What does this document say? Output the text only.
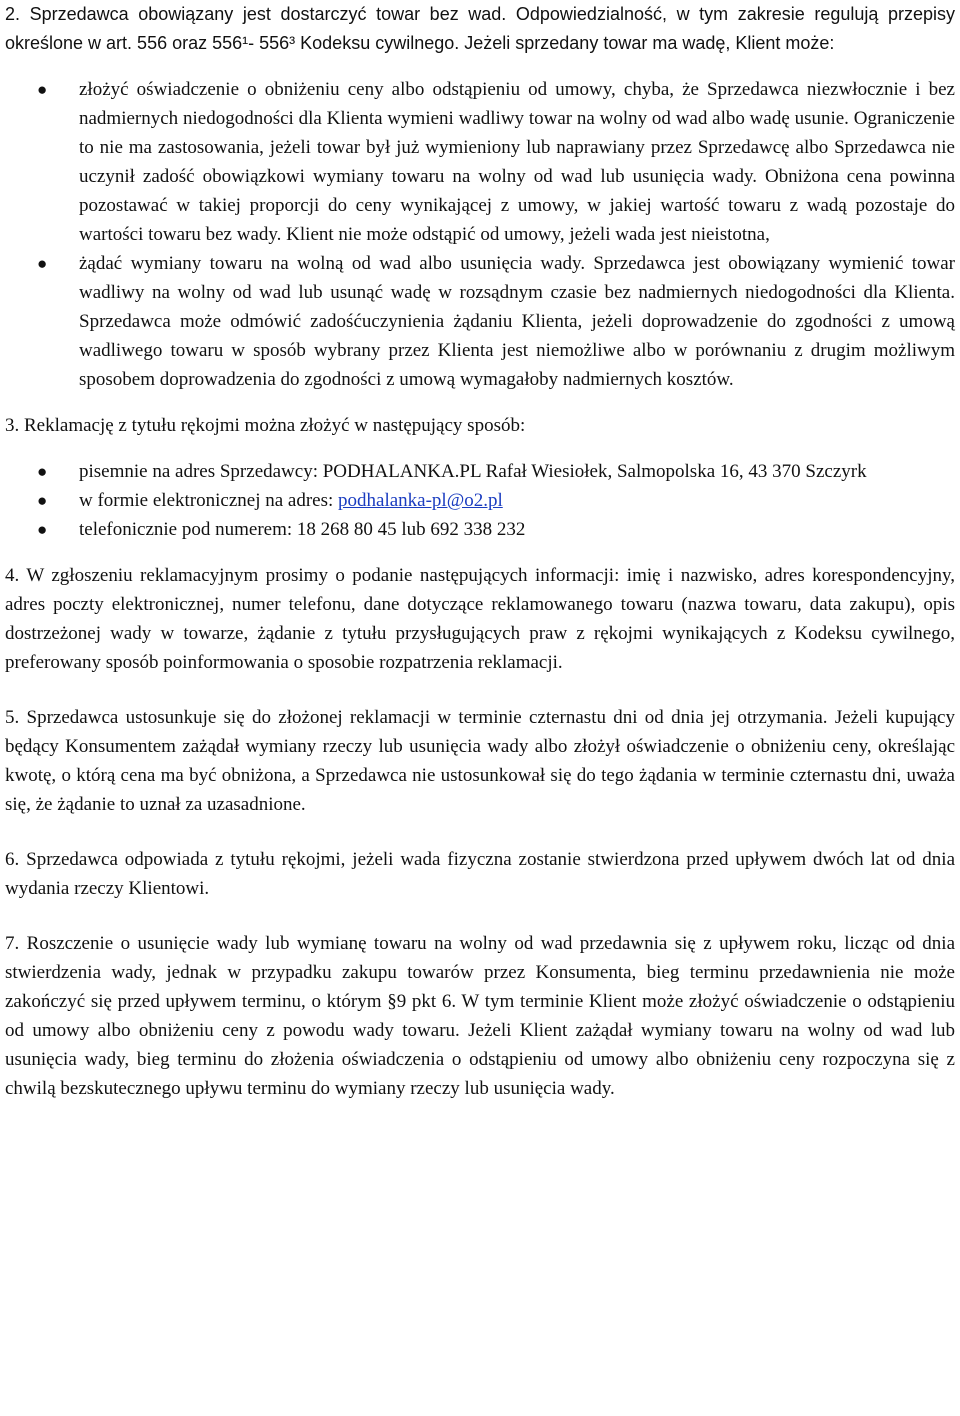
2. Sprzedawca obowiązany jest dostarczyć towar bez wad. Odpowiedzialność, w tym zakresie regulują przepisy określone w art. 556 oraz 556¹- 556³ Kodeksu cywilnego. Jeżeli sprzedany towar ma wadę, Klient może:

● złożyć oświadczenie o obniżeniu ceny albo odstąpieniu od umowy, chyba, że Sprzedawca niezwłocznie i bez nadmiernych niedogodności dla Klienta wymieni wadliwy towar na wolny od wad albo wadę usunie. Ograniczenie to nie ma zastosowania, jeżeli towar był już wymieniony lub naprawiany przez Sprzedawcę albo Sprzedawca nie uczynił zadość obowiązkowi wymiany towaru na wolny od wad lub usunięcia wady. Obniżona cena powinna pozostawać w takiej proporcji do ceny wynikającej z umowy, w jakiej wartość towaru z wadą pozostaje do wartości towaru bez wady. Klient nie może odstąpić od umowy, jeżeli wada jest nieistotna,
● żądać wymiany towaru na wolną od wad albo usunięcia wady. Sprzedawca jest obowiązany wymienić towar wadliwy na wolny od wad lub usunąć wadę w rozsądnym czasie bez nadmiernych niedogodności dla Klienta. Sprzedawca może odmówić zadośćuczynienia żądaniu Klienta, jeżeli doprowadzenie do zgodności z umową wadliwego towaru w sposób wybrany przez Klienta jest niemożliwe albo w porównaniu z drugim możliwym sposobem doprowadzenia do zgodności z umową wymagałoby nadmiernych kosztów.

3. Reklamację z tytułu rękojmi można złożyć w następujący sposób:

● pisemnie na adres Sprzedawcy: PODHALANKA.PL Rafał Wiesiołek, Salmopolska 16, 43 370 Szczyrk
● w formie elektronicznej na adres: podhalanka-pl@o2.pl
● telefonicznie pod numerem: 18 268 80 45 lub 692 338 232

4. W zgłoszeniu reklamacyjnym prosimy o podanie następujących informacji: imię i nazwisko, adres korespondencyjny, adres poczty elektronicznej, numer telefonu, dane dotyczące reklamowanego towaru (nazwa towaru, data zakupu), opis dostrzeżonej wady w towarze, żądanie z tytułu przysługujących praw z rękojmi wynikających z Kodeksu cywilnego, preferowany sposób poinformowania o sposobie rozpatrzenia reklamacji.

5. Sprzedawca ustosunkuje się do złożonej reklamacji w terminie czternastu dni od dnia jej otrzymania. Jeżeli kupujący będący Konsumentem zażądał wymiany rzeczy lub usunięcia wady albo złożył oświadczenie o obniżeniu ceny, określając kwotę, o którą cena ma być obniżona, a Sprzedawca nie ustosunkował się do tego żądania w terminie czternastu dni, uważa się, że żądanie to uznał za uzasadnione.

6. Sprzedawca odpowiada z tytułu rękojmi, jeżeli wada fizyczna zostanie stwierdzona przed upływem dwóch lat od dnia wydania rzeczy Klientowi.

7. Roszczenie o usunięcie wady lub wymianę towaru na wolny od wad przedawnia się z upływem roku, licząc od dnia stwierdzenia wady, jednak w przypadku zakupu towarów przez Konsumenta, bieg terminu przedawnienia nie może zakończyć się przed upływem terminu, o którym §9 pkt 6. W tym terminie Klient może złożyć oświadczenie o odstąpieniu od umowy albo obniżeniu ceny z powodu wady towaru. Jeżeli Klient zażądał wymiany towaru na wolny od wad lub usunięcia wady, bieg terminu do złożenia oświadczenia o odstąpieniu od umowy albo obniżeniu ceny rozpoczyna się z chwilą bezskutecznego upływu terminu do wymiany rzeczy lub usunięcia wady.
